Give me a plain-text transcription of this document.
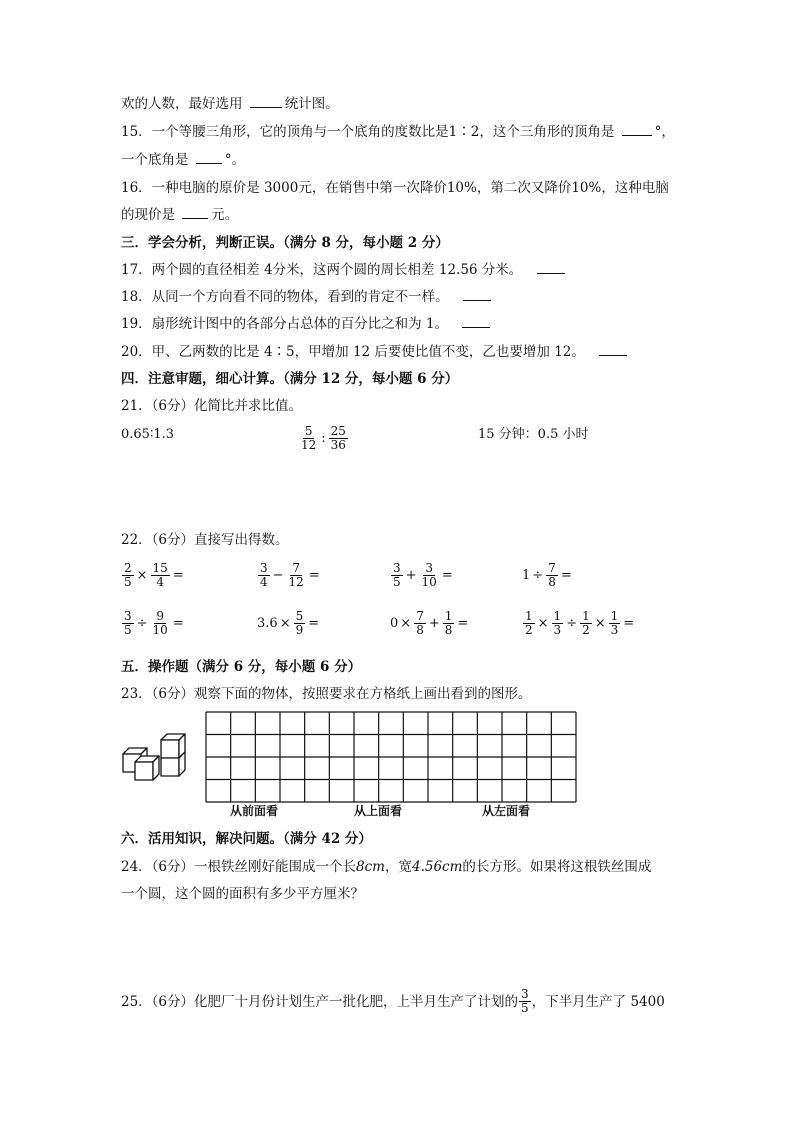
欢的人数，最好选用	统计图。
15．一个等腰三角形，它的顶角与一个底角的度数比是1∶2，这个三角形的顶角是	°，
一个底角是	°。
16．一种电脑的原价是 3000元，在销售中第一次降价10%，第二次又降价10%，这种电脑
的现价是	元。
三．学会分析，判断正误。（满分 8 分，每小题 2 分）
17．两个圆的直径相差 4分米，这两个圆的周长相差 12.56 分米。
18．从同一个方向看不同的物体，看到的肯定不一样。
19．扇形统计图中的各部分占总体的百分比之和为 1。
20．甲、乙两数的比是 4∶5，甲增加 12 后要使比值不变，乙也要增加 12。
四．注意审题，细心计算。（满分 12 分，每小题 6 分）
21．（6分）化简比并求比值。
0.65∶1.3	$\frac{5}{12}$ : $\frac{25}{36}$	15 分钟：0.5 小时
22．（6分）直接写出得数。
$\frac{2}{5} \times \frac{15}{4}$ =	$\frac{3}{4} - \frac{7}{12}$ =	$\frac{3}{5} + \frac{3}{10}$ =	$1 \div \frac{7}{8}$ =
$\frac{3}{5} \div \frac{9}{10}$ =	$3.6 \times \frac{5}{9}$ =	$0 \times \frac{7}{8} + \frac{1}{8}$ =	$\frac{1}{2} \times \frac{1}{3} \div \frac{1}{2} \times \frac{1}{3}$ =
五．操作题（满分 6 分，每小题 6 分）
23．（6分）观察下面的物体，按照要求在方格纸上画出看到的图形。
从前面看	从上面看	从左面看
六．活用知识，解决问题。（满分 42 分）
24．（6分）一根铁丝刚好能围成一个长8cm，宽4.56cm的长方形。如果将这根铁丝围成
一个圆，这个圆的面积有多少平方厘米？
25．（6分）化肥厂十月份计划生产一批化肥，上半月生产了计划的 $\frac{3}{5}$ ，下半月生产了 5400
